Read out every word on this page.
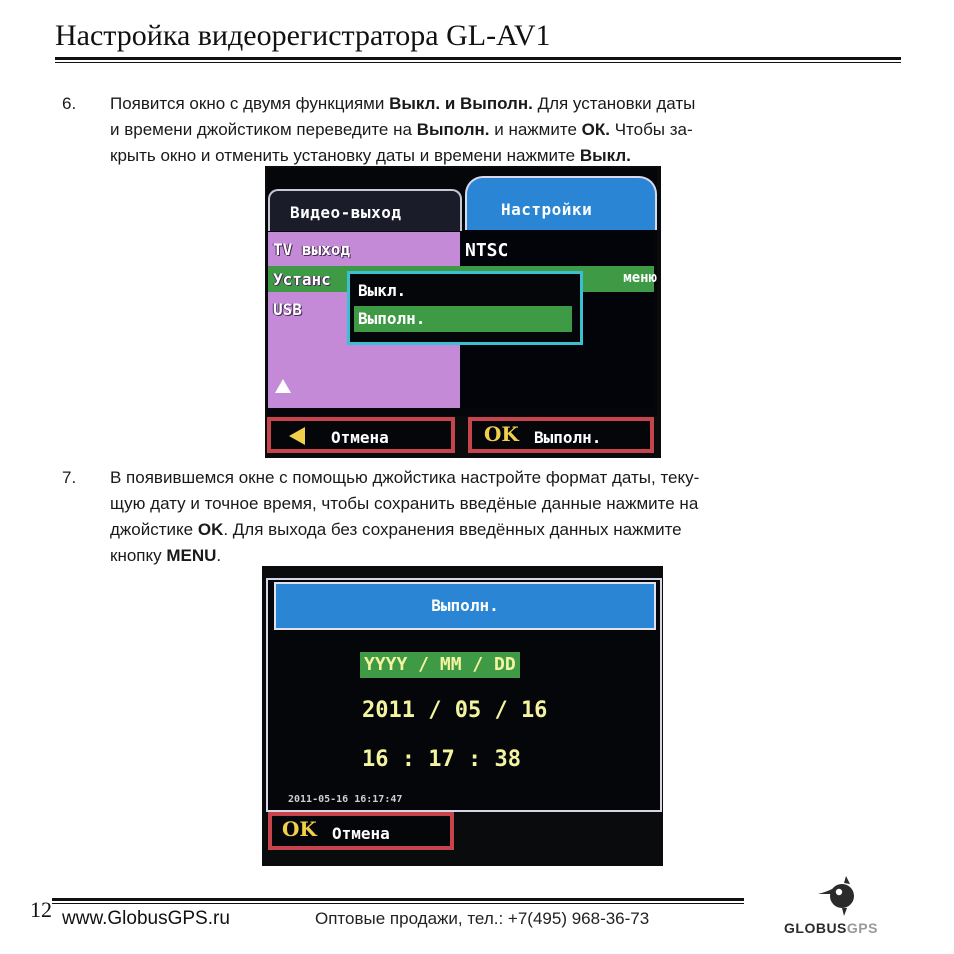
Настройка видеорегистратора GL-AV1
6. Появится окно с двумя функциями Выкл. и Выполн. Для установки даты
и времени джойстиком переведите на Выполн. и нажмите ОК. Чтобы за-
крыть окно и отменить установку даты и времени нажмите Выкл.
Видео-выход	Настройки
TV выход
Устанс
USB
NTSC
меню
Выкл.
Выполн.
Отмена	OK Выполн.
7. В появившемся окне с помощью джойстика настройте формат даты, теку-
щую дату и точное время, чтобы сохранить введёные данные нажмите на
джойстике OK. Для выхода без сохранения введённых данных нажмите
кнопку MENU.
Выполн.
YYYY / MM / DD
2011 / 05 / 16
16 : 17 : 38
2011-05-16 16:17:47
OK Отмена
12 www.GlobusGPS.ru	Оптовые продажи, тел.: +7(495) 968-36-73	GLOBUSGPS
